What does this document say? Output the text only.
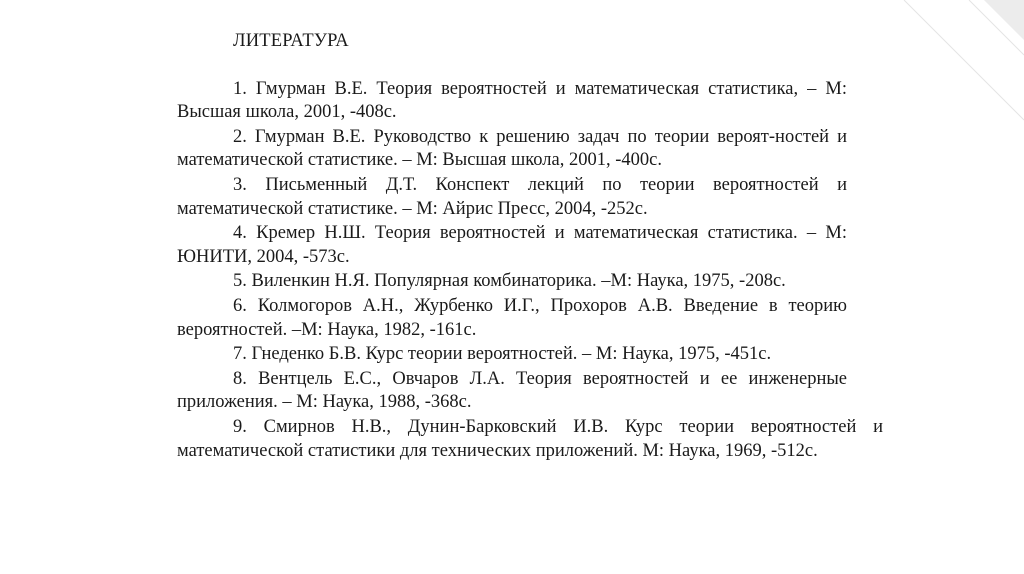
ЛИТЕРАТУРА
1. Гмурман В.Е. Теория вероятностей и математическая статистика, – М: Высшая школа, 2001, -408с.
2. Гмурман В.Е. Руководство к решению задач по теории вероят-ностей и математической статистике. – М: Высшая школа, 2001, -400с.
3. Письменный Д.Т. Конспект лекций по теории вероятностей и математической статистике. – М: Айрис Пресс, 2004, -252с.
4. Кремер Н.Ш. Теория вероятностей и математическая статистика. – М: ЮНИТИ, 2004, -573с.
5. Виленкин Н.Я. Популярная комбинаторика. –М: Наука, 1975, -208с.
6. Колмогоров А.Н., Журбенко И.Г., Прохоров А.В. Введение в теорию вероятностей. –М: Наука, 1982, -161с.
7. Гнеденко Б.В. Курс теории вероятностей. – М: Наука, 1975, -451с.
8. Вентцель Е.С., Овчаров Л.А. Теория вероятностей и ее инженерные приложения. – М: Наука, 1988, -368с.
9. Смирнов Н.В., Дунин-Барковский И.В. Курс теории вероятностей и математической статистики для технических приложений. М: Наука, 1969, -512с.
